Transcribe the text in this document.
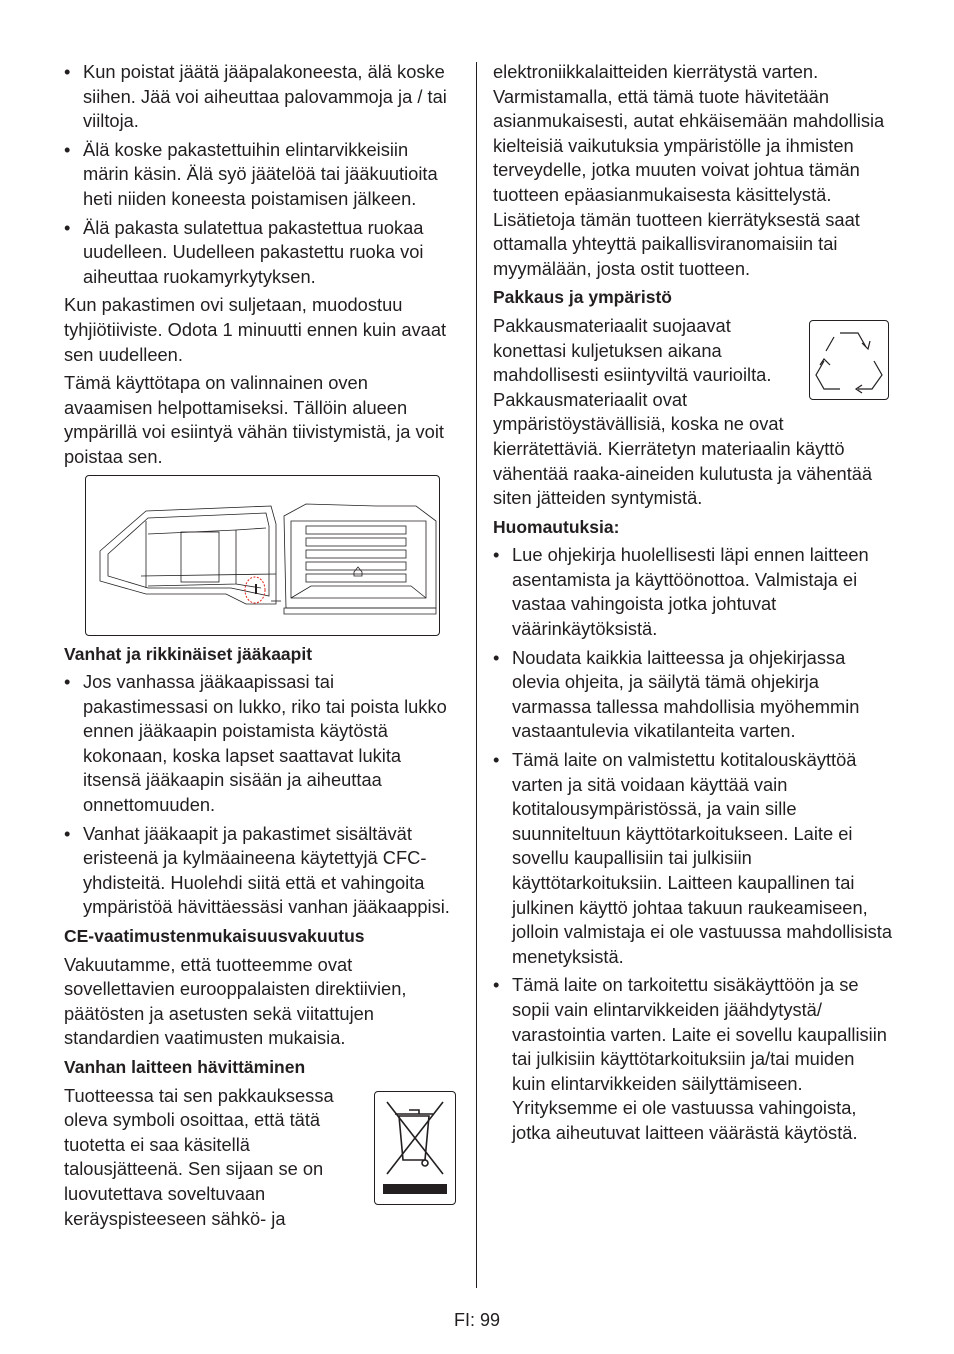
• Kun poistat jäätä jääpalakoneesta, älä koske siihen. Jää voi aiheuttaa palovammoja ja / tai viiltoja.
• Älä koske pakastettuihin elintarvikkeisiin märin käsin. Älä syö jäätelöä tai jääkuutioita heti niiden koneesta poistamisen jälkeen.
• Älä pakasta sulatettua pakastettua ruokaa uudelleen. Uudelleen pakastettu ruoka voi aiheuttaa ruokamyrkytyksen.

Kun pakastimen ovi suljetaan, muodostuu tyhjiötiiviste. Odota 1 minuutti ennen kuin avaat sen uudelleen.

Tämä käyttötapa on valinnainen oven avaamisen helpottamiseksi. Tällöin alueen ympärillä voi esiintyä vähän tiivistymistä, ja voit poistaa sen.

Vanhat ja rikkinäiset jääkaapit
• Jos vanhassa jääkaapissasi tai pakastimessasi on lukko, riko tai poista lukko ennen jääkaapin poistamista käytöstä kokonaan, koska lapset saattavat lukita itsensä jääkaapin sisään ja aiheuttaa onnettomuuden.
• Vanhat jääkaapit ja pakastimet sisältävät eristeenä ja kylmäaineena käytettyjä CFC-yhdisteitä. Huolehdi siitä että et vahingoita ympäristöä hävittäessäsi vanhan jääkaappisi.
CE-vaatimustenmukaisuusvakuutus

Vakuutamme, että tuotteemme ovat sovellettavien eurooppalaisten direktiivien, päätösten ja asetusten sekä viitattujen standardien vaatimusten mukaisia.

Vanhan laitteen hävittäminen

Tuotteessa tai sen pakkauksessa oleva symboli osoittaa, että tätä tuotetta ei saa käsitellä talousjätteenä. Sen sijaan se on luovutettava soveltuvaan keräyspisteeseen sähkö- ja

elektroniikkalaitteiden kierrätystä varten. Varmistamalla, että tämä tuote hävitetään asianmukaisesti, autat ehkäisemään mahdollisia kielteisiä vaikutuksia ympäristölle ja ihmisten terveydelle, jotka muuten voivat johtua tämän tuotteen epäasianmukaisesta käsittelystä. Lisätietoja tämän tuotteen kierrätyksestä saat ottamalla yhteyttä paikallisviranomaisiin tai myymälään, josta ostit tuotteen.

Pakkaus ja ympäristö

Pakkausmateriaalit suojaavat konettasi kuljetuksen aikana mahdollisesti esiintyviltä vaurioilta. Pakkausmateriaalit ovat ympäristöystävällisiä, koska ne ovat kierrätettäviä. Kierrätetyn materiaalin käyttö vähentää raaka-aineiden kulutusta ja vähentää siten jätteiden syntymistä.

Huomautuksia:
• Lue ohjekirja huolellisesti läpi ennen laitteen asentamista ja käyttöönottoa. Valmistaja ei vastaa vahingoista jotka johtuvat väärinkäytöksistä.
• Noudata kaikkia laitteessa ja ohjekirjassa olevia ohjeita, ja säilytä tämä ohjekirja varmassa tallessa mahdollisia myöhemmin vastaantulevia vikatilanteita varten.
• Tämä laite on valmistettu kotitalouskäyttöä varten ja sitä voidaan käyttää vain kotitalousympäristössä, ja vain sille suunniteltuun käyttötarkoitukseen. Laite ei sovellu kaupallisiin tai julkisiin käyttötarkoituksiin. Laitteen kaupallinen tai julkinen käyttö johtaa takuun raukeamiseen, jolloin valmistaja ei ole vastuussa mahdollisista menetyksistä.
• Tämä laite on tarkoitettu sisäkäyttöön ja se sopii vain elintarvikkeiden jäähdytystä/ varastointia varten. Laite ei sovellu kaupallisiin tai julkisiin käyttötarkoituksiin ja/tai muiden kuin elintarvikkeiden säilyttämiseen. Yrityksemme ei ole vastuussa vahingoista, jotka aiheutuvat laitteen väärästä käytöstä.
FI: 99
